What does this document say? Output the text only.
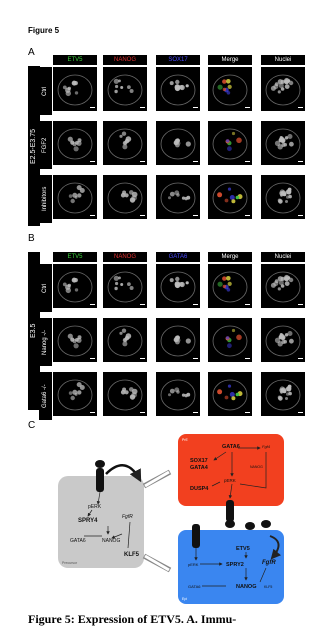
Figure 5
A
ETV5	NANOG	SOX17	Merge	Nuclei
E2.5-E3.75
Ctrl
FGF2
Inhibitors
B
ETV5	NANOG	GATA6	Merge	Nuclei
E3.5
Ctrl
Nanog -/-
Gata6 -/-
C
pERK
SPRY4
GATA6	NANOG
FgfR
KLF5
Precursor
GATA6
SOX17
GATA4
DUSP4
pERK
Fgf4
NANOG
PrE
ETV5
SPRY2
NANOG
FgfR
pERK
GATA6	KLF5
Epi
Figure 5: Expression of ETV5. A. Immu-
